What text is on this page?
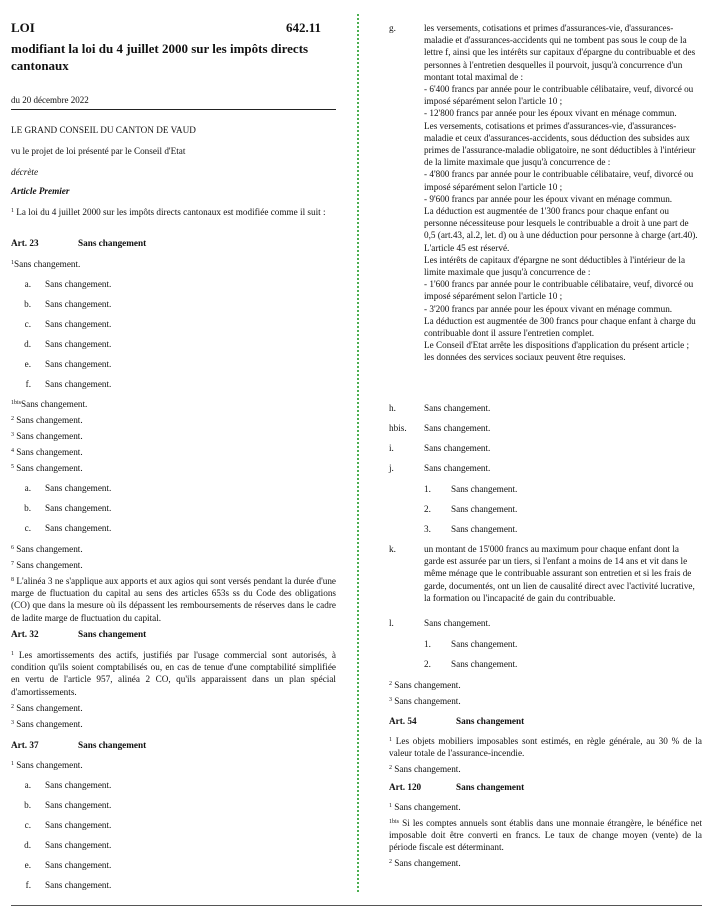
LOI	642.11
modifiant la loi du 4 juillet 2000 sur les impôts directs cantonaux
du 20 décembre 2022
LE GRAND CONSEIL DU CANTON DE VAUD
vu le projet de loi présenté par le Conseil d'Etat
décrète
Article Premier
$^1$ La loi du 4 juillet 2000 sur les impôts directs cantonaux est modifiée comme il suit :
Art. 23	Sans changement
$^1$Sans changement.
a. Sans changement.
b. Sans changement.
c. Sans changement.
d. Sans changement.
e. Sans changement.
f. Sans changement.
$^{1bis}$Sans changement.
$^2$ Sans changement.
$^3$ Sans changement.
$^4$ Sans changement.
$^5$ Sans changement.
a. Sans changement.
b. Sans changement.
c. Sans changement.
$^6$ Sans changement.
$^7$ Sans changement.
$^8$ L'alinéa 3 ne s'applique aux apports et aux agios qui sont versés pendant la durée d'une marge de fluctuation du capital au sens des articles 653s ss du Code des obligations (CO) que dans la mesure où ils dépassent les remboursements de réserves dans le cadre de ladite marge de fluctuation du capital.
Art. 32	Sans changement
$^1$ Les amortissements des actifs, justifiés par l'usage commercial sont autorisés, à condition qu'ils soient comptabilisés ou, en cas de tenue d'une comptabilité simplifiée en vertu de l'article 957, alinéa 2 CO, qu'ils apparaissent dans un plan spécial d'amortissements.
$^2$ Sans changement.
$^3$ Sans changement.
Art. 37	Sans changement
$^1$ Sans changement.
a. Sans changement.
b. Sans changement.
c. Sans changement.
d. Sans changement.
e. Sans changement.
f. Sans changement.
g.	les versements, cotisations et primes d'assurances-vie, d'assurances-
maladie et d'assurances-accidents qui ne tombent pas sous le coup de la
lettre f, ainsi que les intérêts sur capitaux d'épargne du contribuable et des
personnes à l'entretien desquelles il pourvoit, jusqu'à concurrence d'un
montant total maximal de :
- 6'400 francs par année pour le contribuable célibataire, veuf, divorcé ou
imposé séparément selon l'article 10 ;
- 12'800 francs par année pour les époux vivant en ménage commun.
Les versements, cotisations et primes d'assurances-vie, d'assurances-
maladie et ceux d'assurances-accidents, sous déduction des subsides aux
primes de l'assurance-maladie obligatoire, ne sont déductibles à l'intérieur
de la limite maximale que jusqu'à concurrence de :
- 4'800 francs par année pour le contribuable célibataire, veuf, divorcé ou
imposé séparément selon l'article 10 ;
- 9'600 francs par année pour les époux vivant en ménage commun.
La déduction est augmentée de 1'300 francs pour chaque enfant ou
personne nécessiteuse pour lesquels le contribuable a droit à une part de
0,5 (art.43, al.2, let. d) ou à une déduction pour personne à charge (art.40).
L'article 45 est réservé.
Les intérêts de capitaux d'épargne ne sont déductibles à l'intérieur de la
limite maximale que jusqu'à concurrence de :
- 1'600 francs par année pour le contribuable célibataire, veuf, divorcé ou
imposé séparément selon l'article 10 ;
- 3'200 francs par année pour les époux vivant en ménage commun.
La déduction est augmentée de 300 francs pour chaque enfant à charge du
contribuable dont il assure l'entretien complet.
Le Conseil d'Etat arrête les dispositions d'application du présent article ;
les données des services sociaux peuvent être requises.
h.	Sans changement.
hbis. Sans changement.
i.	Sans changement.
j.	Sans changement.
1. Sans changement.
2. Sans changement.
3. Sans changement.
k.	un montant de 15'000 francs au maximum pour chaque enfant dont la
garde est assurée par un tiers, si l'enfant a moins de 14 ans et vit dans le
même ménage que le contribuable assurant son entretien et si les frais de
garde, documentés, ont un lien de causalité direct avec l'activité lucrative,
la formation ou l'incapacité de gain du contribuable.
l.	Sans changement.
1. Sans changement.
2. Sans changement.
$^2$ Sans changement.
$^3$ Sans changement.
Art. 54	Sans changement
$^1$ Les objets mobiliers imposables sont estimés, en règle générale, au 30 % de la valeur totale de l'assurance-incendie.
$^2$ Sans changement.
Art. 120	Sans changement
$^1$ Sans changement.
$^{1bis}$ Si les comptes annuels sont établis dans une monnaie étrangère, le bénéfice net imposable doit être converti en francs. Le taux de change moyen (vente) de la période fiscale est déterminant.
$^2$ Sans changement.
